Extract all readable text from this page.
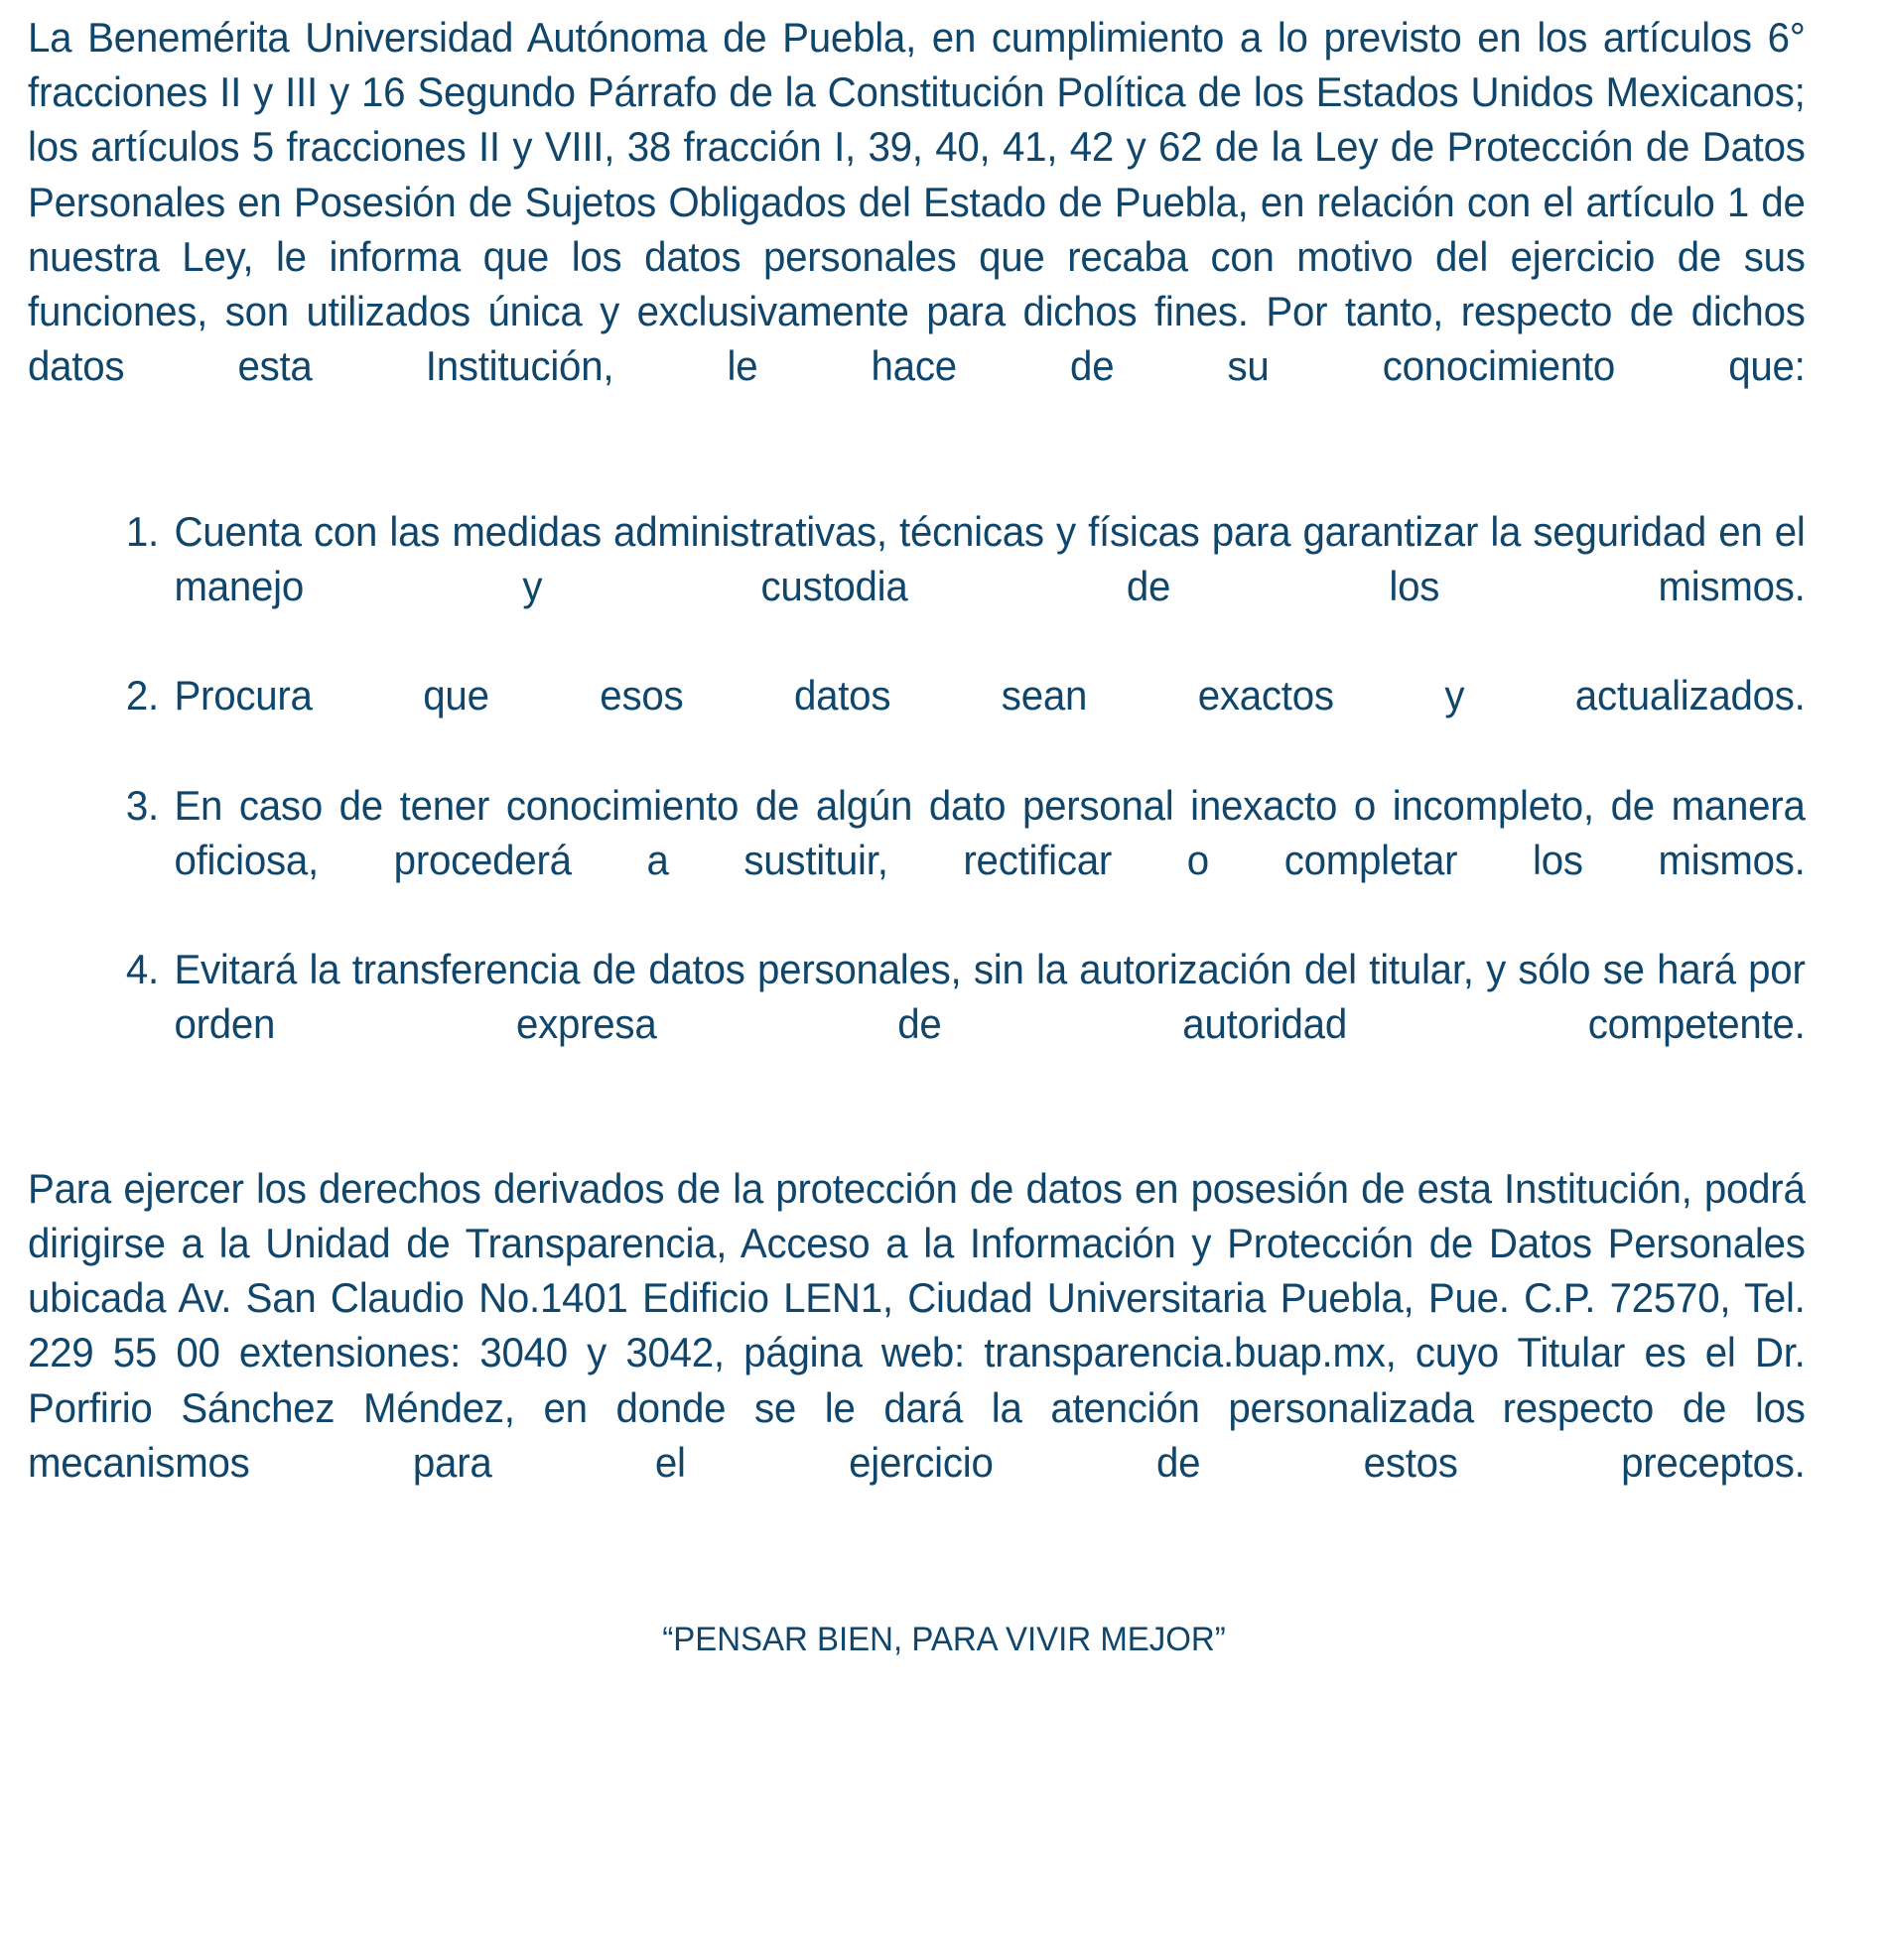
La Benemérita Universidad Autónoma de Puebla, en cumplimiento a lo previsto en los artículos 6° fracciones II y III y 16 Segundo Párrafo de la Constitución Política de los Estados Unidos Mexicanos; los artículos 5 fracciones II y VIII, 38 fracción I, 39, 40, 41, 42 y 62 de la Ley de Protección de Datos Personales en Posesión de Sujetos Obligados del Estado de Puebla, en relación con el artículo 1 de nuestra Ley, le informa que los datos personales que recaba con motivo del ejercicio de sus funciones, son utilizados única y exclusivamente para dichos fines. Por tanto, respecto de dichos datos esta Institución, le hace de su conocimiento que:

1. Cuenta con las medidas administrativas, técnicas y físicas para garantizar la seguridad en el manejo y custodia de los mismos.
2. Procura que esos datos sean exactos y actualizados.
3. En caso de tener conocimiento de algún dato personal inexacto o incompleto, de manera oficiosa, procederá a sustituir, rectificar o completar los mismos.
4. Evitará la transferencia de datos personales, sin la autorización del titular, y sólo se hará por orden expresa de autoridad competente.

Para ejercer los derechos derivados de la protección de datos en posesión de esta Institución, podrá dirigirse a la Unidad de Transparencia, Acceso a la Información y Protección de Datos Personales ubicada Av. San Claudio No.1401 Edificio LEN1, Ciudad Universitaria Puebla, Pue. C.P. 72570, Tel. 229 55 00 extensiones: 3040 y 3042, página web: transparencia.buap.mx, cuyo Titular es el Dr. Porfirio Sánchez Méndez, en donde se le dará la atención personalizada respecto de los mecanismos para el ejercicio de estos preceptos.

“PENSAR BIEN, PARA VIVIR MEJOR”
